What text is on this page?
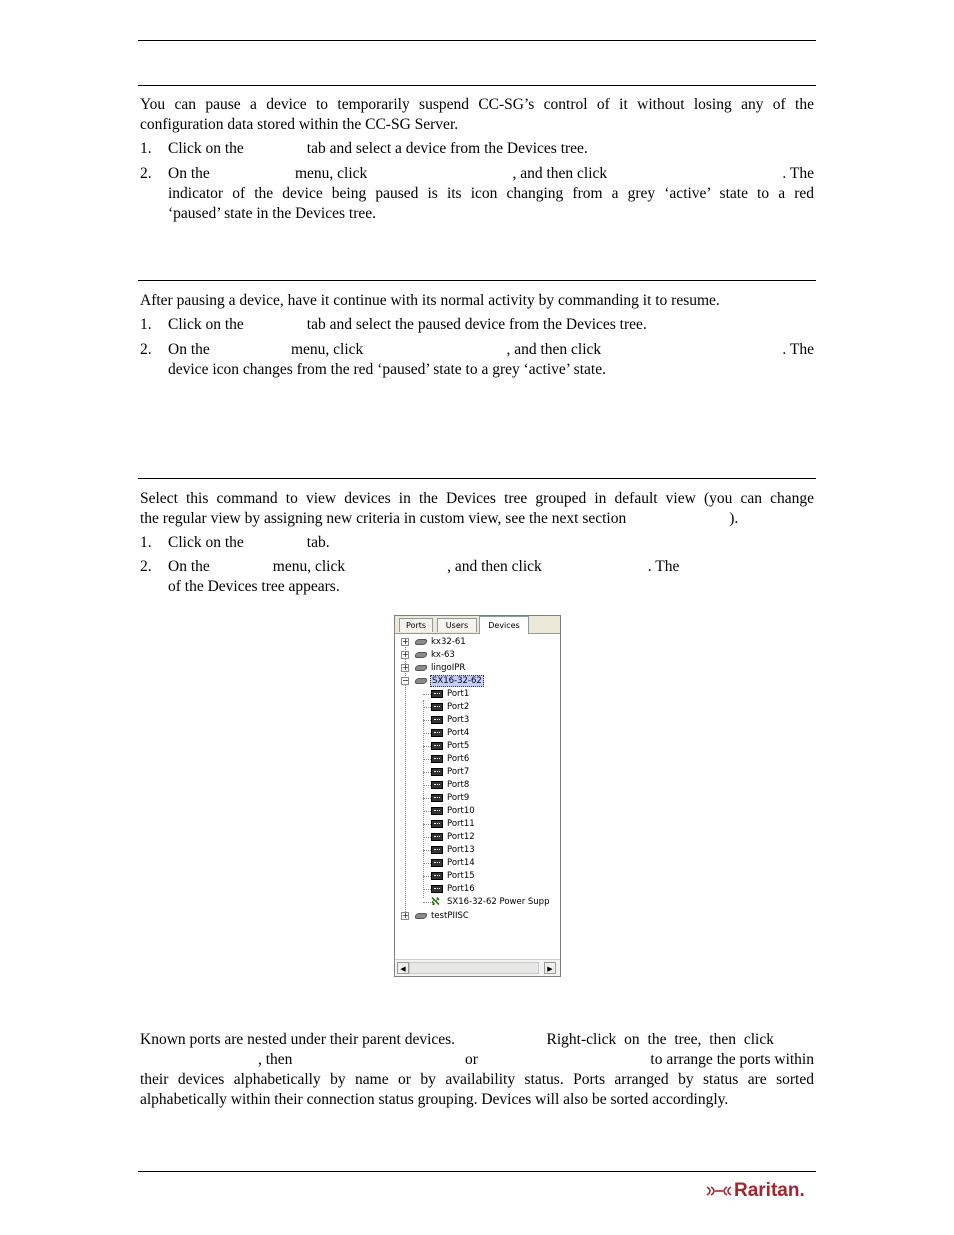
You can pause a device to temporarily suspend CC-SG’s control of it without losing any of the
configuration data stored within the CC-SG Server.
1. Click on the	tab and select a device from the Devices tree.
2. On the	menu, click	, and then click	. The
indicator of the device being paused is its icon changing from a grey ‘active’ state to a red
‘paused’ state in the Devices tree.
After pausing a device, have it continue with its normal activity by commanding it to resume.
1. Click on the	tab and select the paused device from the Devices tree.
2. On the	menu, click	, and then click	. The
device icon changes from the red ‘paused’ state to a grey ‘active’ state.
Select this command to view devices in the Devices tree grouped in default view (you can change
the regular view by assigning new criteria in custom view, see the next section	).
1. Click on the	tab.
2. On the	menu, click	, and then click	. The
of the Devices tree appears.
Ports	Users	Devices
+	kx32-61
+	kx-63
+	lingoIPR
−	SX16-32-62
Port1
Port2
Port3
Port4
Port5
Port6
Port7
Port8
Port9
Port10
Port11
Port12
Port13
Port14
Port15
Port16
ℵ SX16-32-62 Power Supp
+	testPIISC
◀	▶
Known ports are nested under their parent devices.	Right-click on the tree, then click
, then	or	to arrange the ports within
their devices alphabetically by name or by availability status. Ports arranged by status are sorted
alphabetically within their connection status grouping. Devices will also be sorted accordingly.
Raritan.
